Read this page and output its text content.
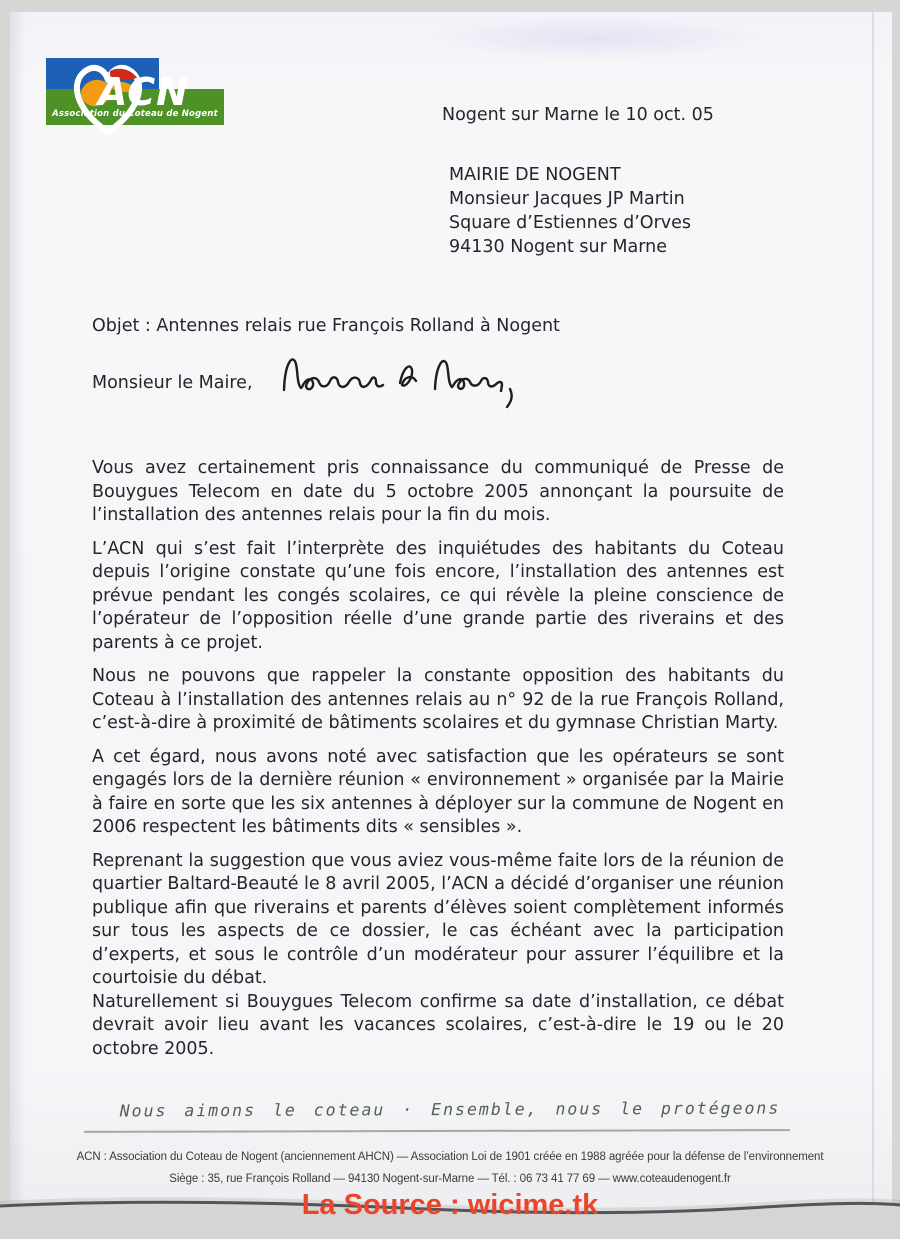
ACN
Association du Coteau de Nogent	Nogent sur Marne le 10 oct. 05
MAIRIE DE NOGENT
Monsieur Jacques JP Martin
Square d’Estiennes d’Orves
94130 Nogent sur Marne
Objet : Antennes relais rue François Rolland à Nogent
Monsieur le Maire,

Vous avez certainement pris connaissance du communiqué de Presse de Bouygues Telecom en date du 5 octobre 2005 annonçant la poursuite de l’installation des antennes relais pour la fin du mois.

L’ACN qui s’est fait l’interprète des inquiétudes des habitants du Coteau depuis l’origine constate qu’une fois encore, l’installation des antennes est prévue pendant les congés scolaires, ce qui révèle la pleine conscience de l’opérateur de l’opposition réelle d’une grande partie des riverains et des parents à ce projet.

Nous ne pouvons que rappeler la constante opposition des habitants du Coteau à l’installation des antennes relais au n° 92 de la rue François Rolland, c’est-à-dire à proximité de bâtiments scolaires et du gymnase Christian Marty.

A cet égard, nous avons noté avec satisfaction que les opérateurs se sont engagés lors de la dernière réunion « environnement » organisée par la Mairie à faire en sorte que les six antennes à déployer sur la commune de Nogent en 2006 respectent les bâtiments dits « sensibles ».

Reprenant la suggestion que vous aviez vous-même faite lors de la réunion de quartier Baltard-Beauté le 8 avril 2005, l’ACN a décidé d’organiser une réunion publique afin que riverains et parents d’élèves soient complètement informés sur tous les aspects de ce dossier, le cas échéant avec la participation d’experts, et sous le contrôle d’un modérateur pour assurer l’équilibre et la courtoisie du débat.

Naturellement si Bouygues Telecom confirme sa date d’installation, ce débat devrait avoir lieu avant les vacances scolaires, c’est-à-dire le 19 ou le 20 octobre 2005.

Nous aimons le coteau · Ensemble, nous le protégeons
ACN : Association du Coteau de Nogent (anciennement AHCN) — Association Loi de 1901 créée en 1988 agréée pour la défense de l’environnement
Siège : 35, rue François Rolland — 94130 Nogent-sur-Marne — Tél. : 06 73 41 77 69 — www.coteaudenogent.fr
La Source : wicime.tk
